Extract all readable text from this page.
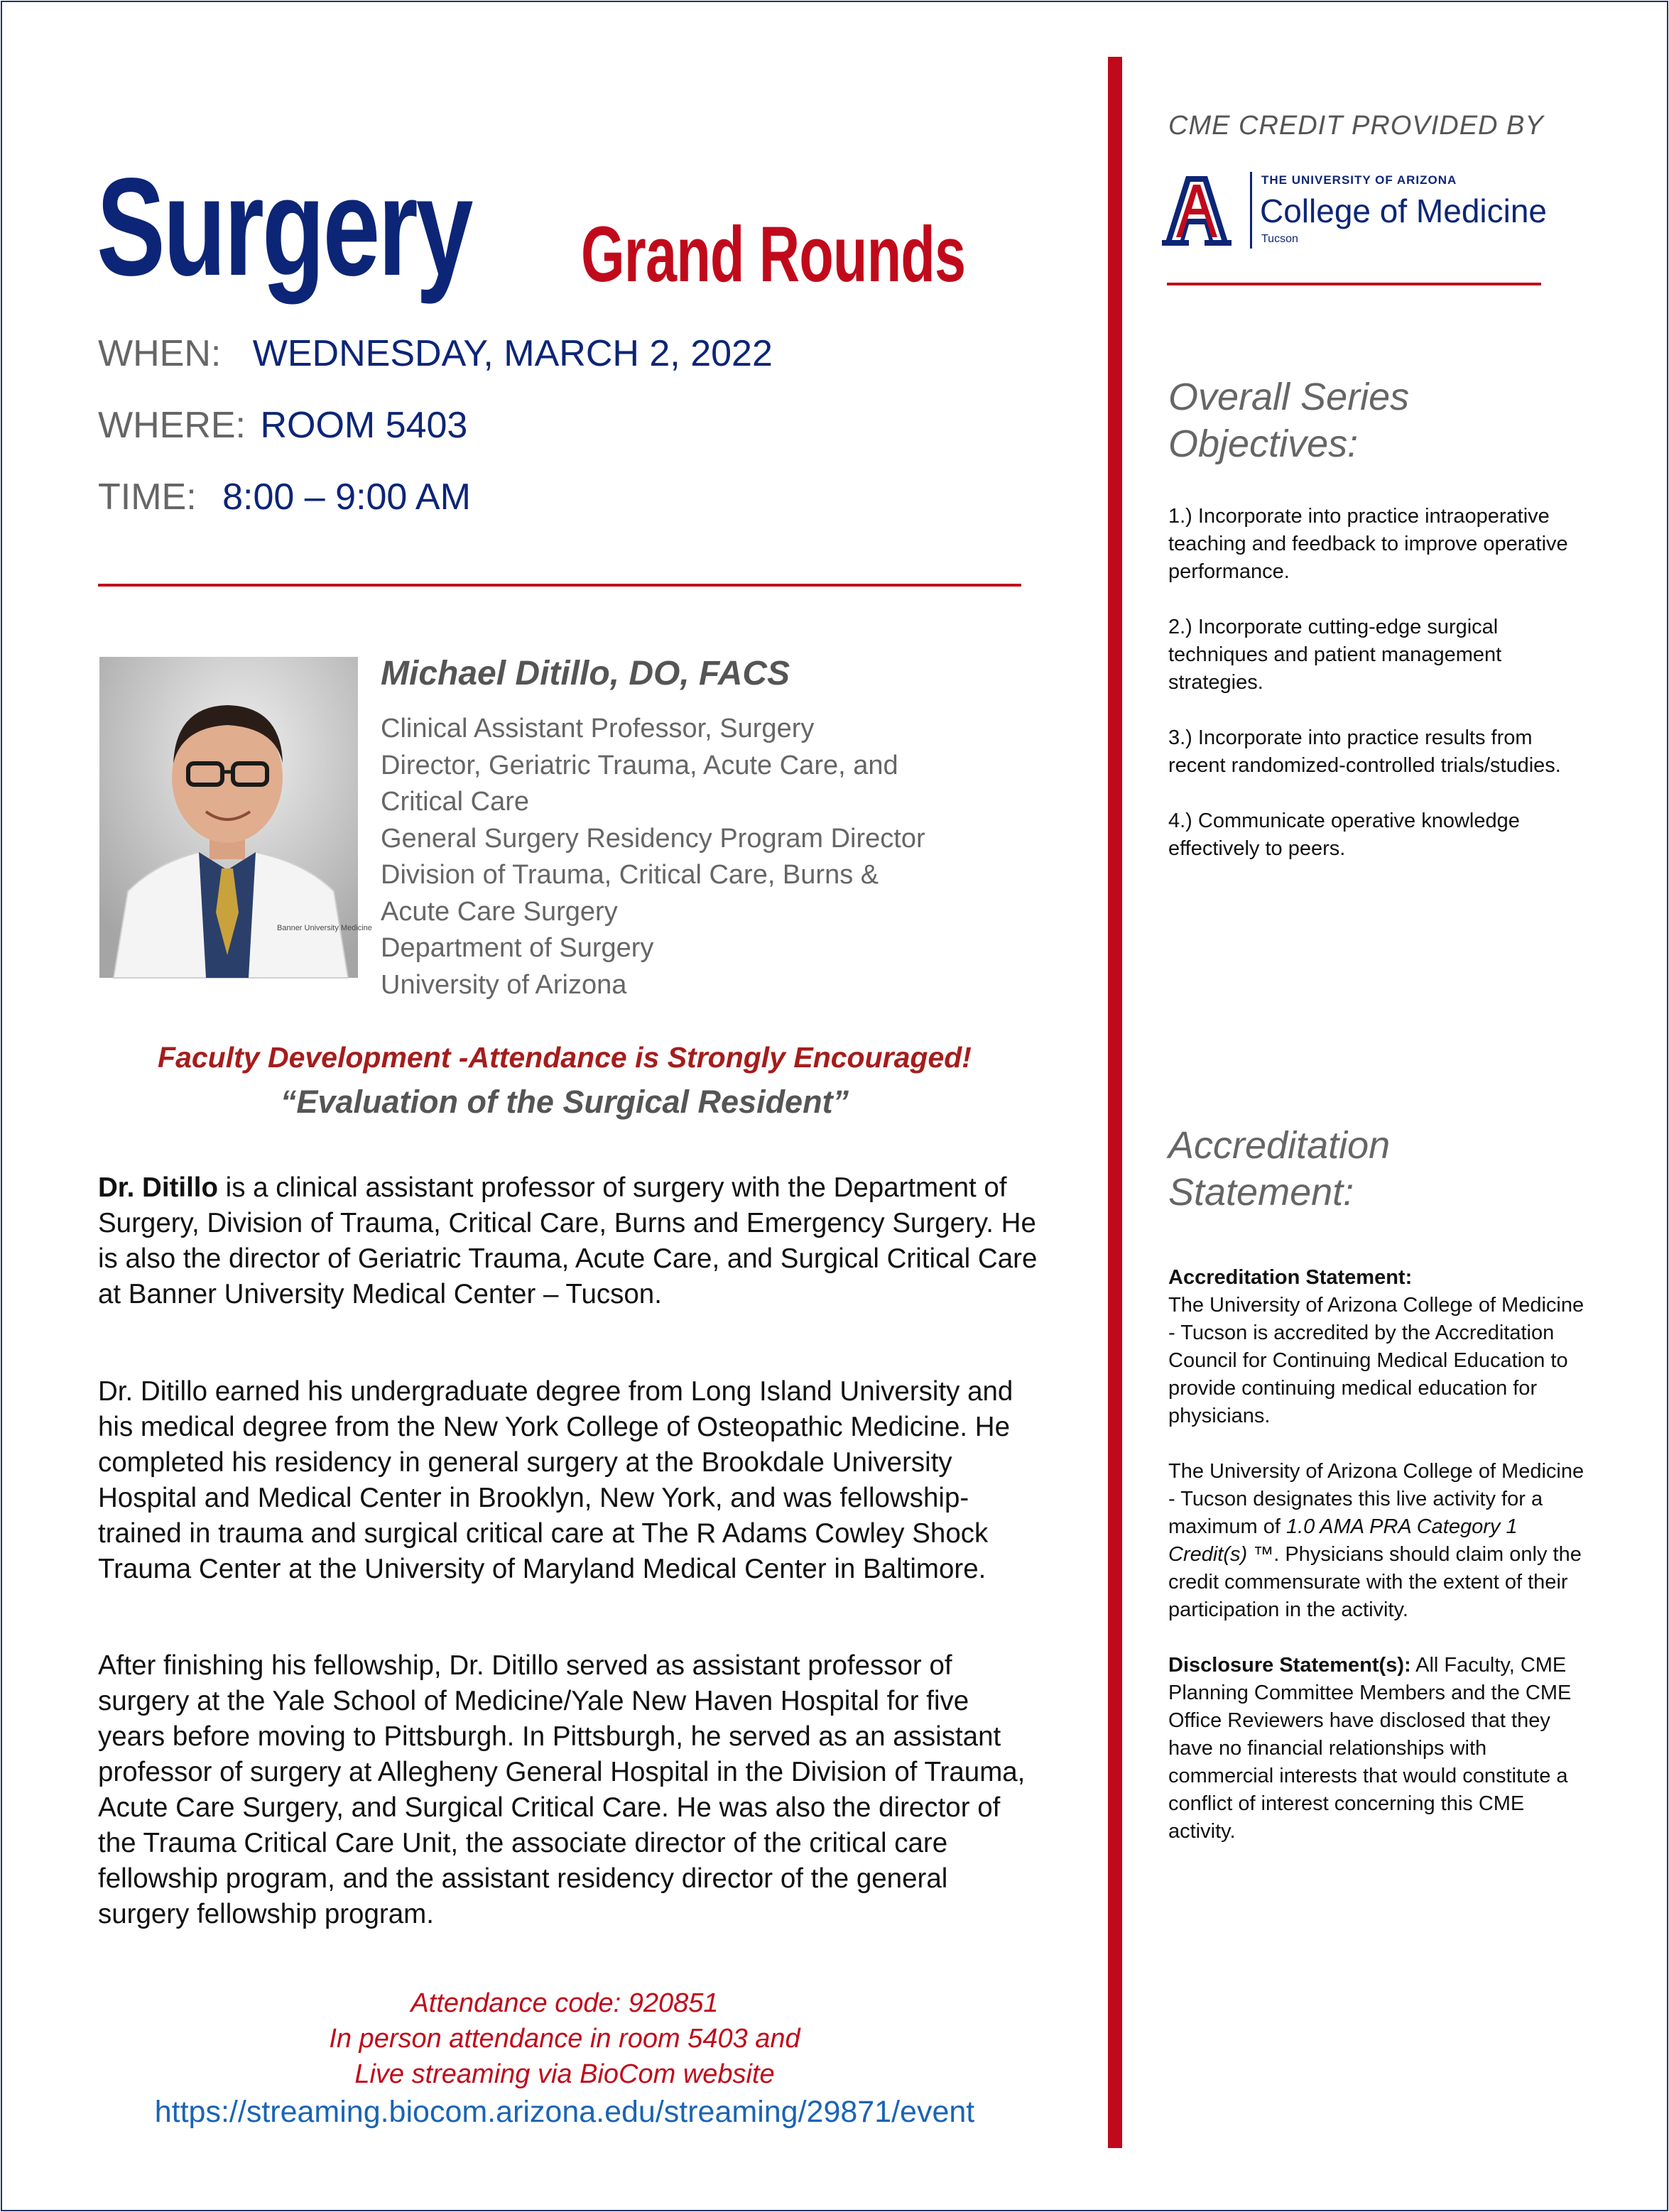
Surgery Grand Rounds
WHEN: WEDNESDAY, MARCH 2, 2022
WHERE: ROOM 5403
TIME: 8:00 – 9:00 AM
Banner University Medicine
Michael Ditillo, DO, FACS
Clinical Assistant Professor, Surgery
Director, Geriatric Trauma, Acute Care, and
Critical Care
General Surgery Residency Program Director
Division of Trauma, Critical Care, Burns &
Acute Care Surgery
Department of Surgery
University of Arizona
Faculty Development -Attendance is Strongly Encouraged!
“Evaluation of the Surgical Resident”
Dr. Ditillo is a clinical assistant professor of surgery with the Department of Surgery, Division of Trauma, Critical Care, Burns and Emergency Surgery. He is also the director of Geriatric Trauma, Acute Care, and Surgical Critical Care at Banner University Medical Center – Tucson.
Dr. Ditillo earned his undergraduate degree from Long Island University and his medical degree from the New York College of Osteopathic Medicine. He completed his residency in general surgery at the Brookdale University Hospital and Medical Center in Brooklyn, New York, and was fellowship-trained in trauma and surgical critical care at The R Adams Cowley Shock Trauma Center at the University of Maryland Medical Center in Baltimore.
After finishing his fellowship, Dr. Ditillo served as assistant professor of surgery at the Yale School of Medicine/Yale New Haven Hospital for five years before moving to Pittsburgh. In Pittsburgh, he served as an assistant professor of surgery at Allegheny General Hospital in the Division of Trauma, Acute Care Surgery, and Surgical Critical Care. He was also the director of the Trauma Critical Care Unit, the associate director of the critical care fellowship program, and the assistant residency director of the general surgery fellowship program.
Attendance code: 920851
In person attendance in room 5403 and
Live streaming via BioCom website
https://streaming.biocom.arizona.edu/streaming/29871/event
CME CREDIT PROVIDED BY
THE UNIVERSITY OF ARIZONA
College of Medicine
Tucson
Overall Series
Objectives:

1.) Incorporate into practice intraoperative teaching and feedback to improve operative performance.

2.) Incorporate cutting-edge surgical techniques and patient management strategies.

3.) Incorporate into practice results from recent randomized-controlled trials/studies.

4.) Communicate operative knowledge effectively to peers.

Accreditation
Statement:

Accreditation Statement:
The University of Arizona College of Medicine - Tucson is accredited by the Accreditation Council for Continuing Medical Education to provide continuing medical education for physicians.

The University of Arizona College of Medicine - Tucson designates this live activity for a maximum of 1.0 AMA PRA Category 1 Credit(s) ™. Physicians should claim only the credit commensurate with the extent of their participation in the activity.

Disclosure Statement(s): All Faculty, CME Planning Committee Members and the CME Office Reviewers have disclosed that they have no financial relationships with commercial interests that would constitute a conflict of interest concerning this CME activity.
